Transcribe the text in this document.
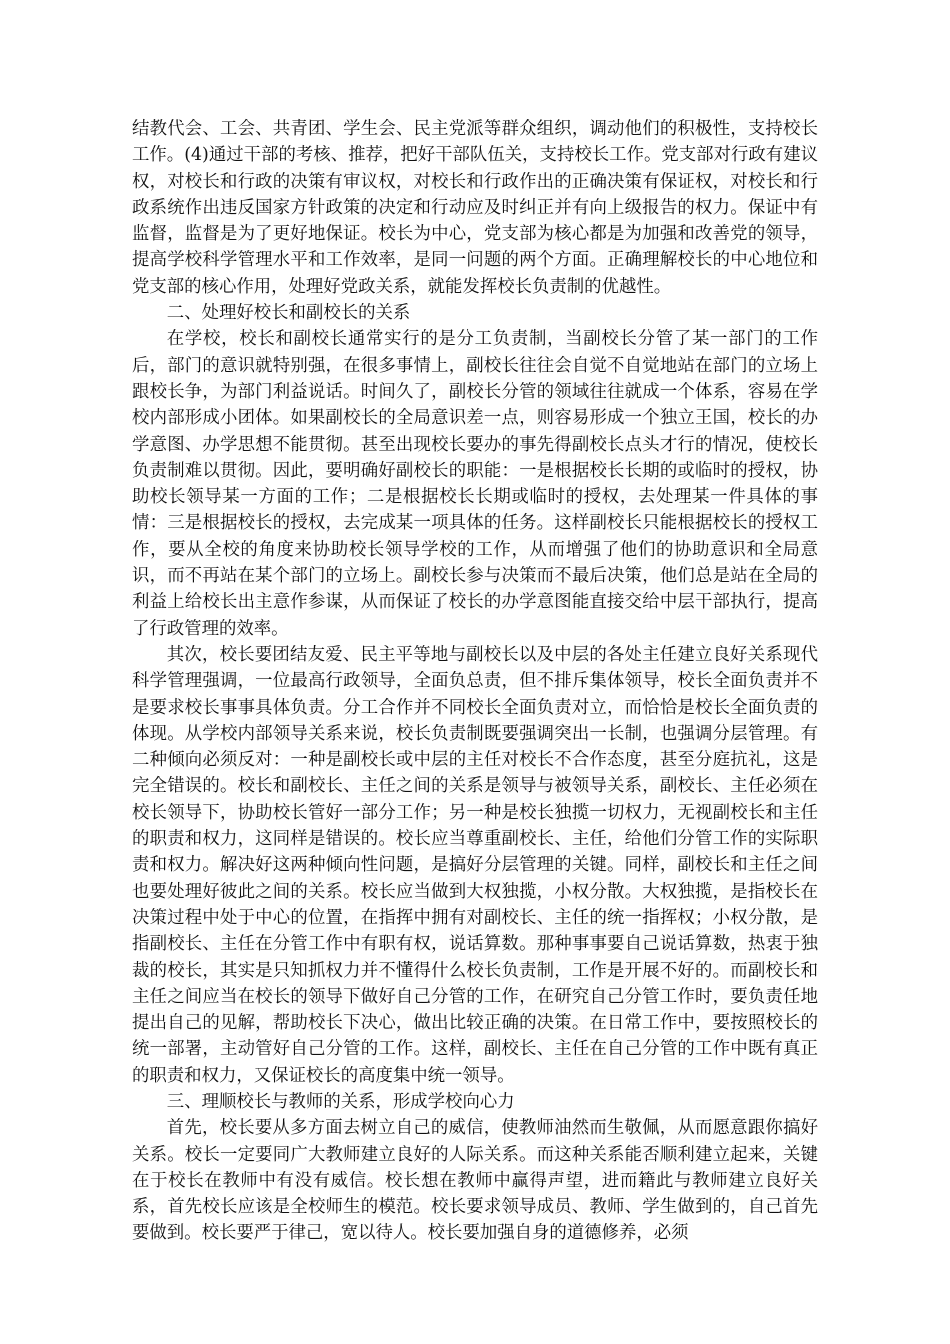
结教代会、工会、共青团、学生会、民主党派等群众组织，调动他们的积极性，支持校长工作。(4)通过干部的考核、推荐，把好干部队伍关，支持校长工作。党支部对行政有建议权，对校长和行政的决策有审议权，对校长和行政作出的正确决策有保证权，对校长和行政系统作出违反国家方针政策的决定和行动应及时纠正并有向上级报告的权力。保证中有监督，监督是为了更好地保证。校长为中心，党支部为核心都是为加强和改善党的领导，提高学校科学管理水平和工作效率，是同一问题的两个方面。正确理解校长的中心地位和党支部的核心作用，处理好党政关系，就能发挥校长负责制的优越性。

二、处理好校长和副校长的关系

在学校，校长和副校长通常实行的是分工负责制，当副校长分管了某一部门的工作后，部门的意识就特别强，在很多事情上，副校长往往会自觉不自觉地站在部门的立场上跟校长争，为部门利益说话。时间久了，副校长分管的领域往往就成一个体系，容易在学校内部形成小团体。如果副校长的全局意识差一点，则容易形成一个独立王国，校长的办学意图、办学思想不能贯彻。甚至出现校长要办的事先得副校长点头才行的情况，使校长负责制难以贯彻。因此，要明确好副校长的职能：一是根据校长长期的或临时的授权，协助校长领导某一方面的工作；二是根据校长长期或临时的授权，去处理某一件具体的事情：三是根据校长的授权，去完成某一项具体的任务。这样副校长只能根据校长的授权工作，要从全校的角度来协助校长领导学校的工作，从而增强了他们的协助意识和全局意识，而不再站在某个部门的立场上。副校长参与决策而不最后决策，他们总是站在全局的利益上给校长出主意作参谋，从而保证了校长的办学意图能直接交给中层干部执行，提高了行政管理的效率。

其次，校长要团结友爱、民主平等地与副校长以及中层的各处主任建立良好关系现代科学管理强调，一位最高行政领导，全面负总责，但不排斥集体领导，校长全面负责并不是要求校长事事具体负责。分工合作并不同校长全面负责对立，而恰恰是校长全面负责的体现。从学校内部领导关系来说，校长负责制既要强调突出一长制，也强调分层管理。有二种倾向必须反对：一种是副校长或中层的主任对校长不合作态度，甚至分庭抗礼，这是完全错误的。校长和副校长、主任之间的关系是领导与被领导关系，副校长、主任必须在校长领导下，协助校长管好一部分工作；另一种是校长独揽一切权力，无视副校长和主任的职责和权力，这同样是错误的。校长应当尊重副校长、主任，给他们分管工作的实际职责和权力。解决好这两种倾向性问题，是搞好分层管理的关键。同样，副校长和主任之间也要处理好彼此之间的关系。校长应当做到大权独揽，小权分散。大权独揽，是指校长在决策过程中处于中心的位置，在指挥中拥有对副校长、主任的统一指挥权；小权分散，是指副校长、主任在分管工作中有职有权，说话算数。那种事事要自己说话算数，热衷于独裁的校长，其实是只知抓权力并不懂得什么校长负责制，工作是开展不好的。而副校长和主任之间应当在校长的领导下做好自己分管的工作，在研究自己分管工作时，要负责任地提出自己的见解，帮助校长下决心，做出比较正确的决策。在日常工作中，要按照校长的统一部署，主动管好自己分管的工作。这样，副校长、主任在自己分管的工作中既有真正的职责和权力，又保证校长的高度集中统一领导。

三、理顺校长与教师的关系，形成学校向心力

首先，校长要从多方面去树立自己的威信，使教师油然而生敬佩，从而愿意跟你搞好关系。校长一定要同广大教师建立良好的人际关系。而这种关系能否顺利建立起来，关键在于校长在教师中有没有威信。校长想在教师中赢得声望，进而籍此与教师建立良好关系，首先校长应该是全校师生的模范。校长要求领导成员、教师、学生做到的，自己首先要做到。校长要严于律己，宽以待人。校长要加强自身的道德修养，必须
